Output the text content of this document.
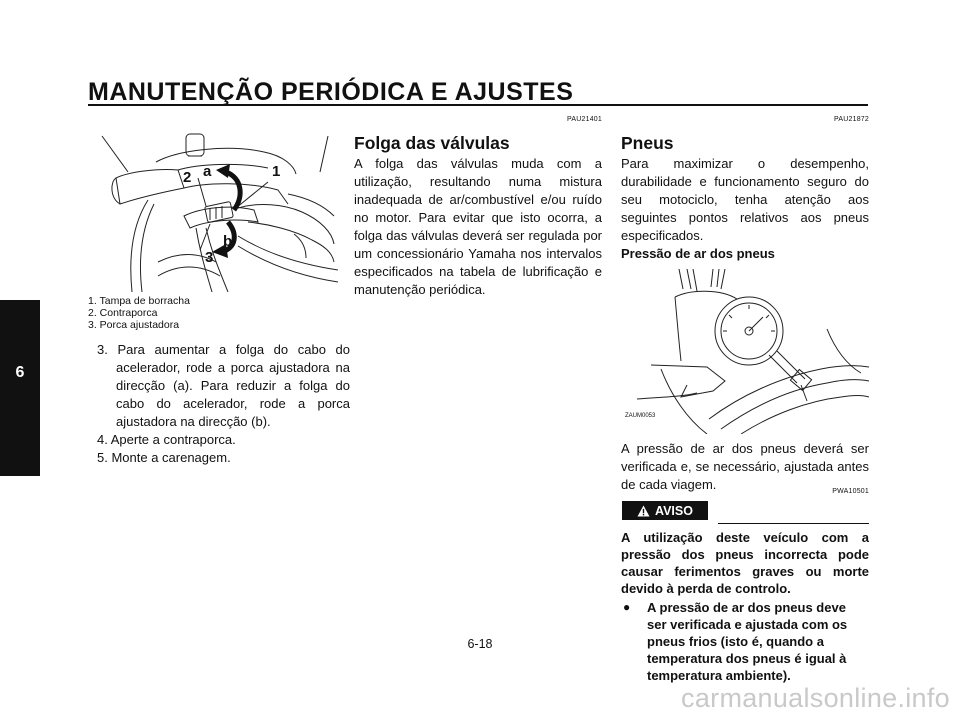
MANUTENÇÃO PERIÓDICA E AJUSTES
6
1
2
3
a
b

1. Tampa de borracha

2. Contraporca

3. Porca ajustadora

3. Para aumentar a folga do cabo do acelerador, rode a porca ajustadora na direcção (a). Para reduzir a folga do cabo do acelerador, rode a porca ajustadora na direcção (b).
4. Aperte a contraporca.
5. Monte a carenagem.

PAU21401

Folga das válvulas

A folga das válvulas muda com a utilização, resultando numa mistura inadequada de ar/combustível e/ou ruído no motor. Para evitar que isto ocorra, a folga das válvulas deverá ser regulada por um concessionário Yamaha nos intervalos especificados na tabela de lubrificação e manutenção periódica.

PAU21872

Pneus

Para maximizar o desempenho, durabilidade e funcionamento seguro do seu motociclo, tenha atenção aos seguintes pontos relativos aos pneus especificados.

Pressão de ar dos pneus

ZAUM0053

A pressão de ar dos pneus deverá ser verificada e, se necessário, ajustada antes de cada viagem.	PWA10501

AVISO

A utilização deste veículo com a pressão dos pneus incorrecta pode causar ferimentos graves ou morte devido à perda de controlo.

● A pressão de ar dos pneus deve ser verificada e ajustada com os pneus frios (isto é, quando a temperatura dos pneus é igual à temperatura ambiente).
6-18
carmanualsonline.info
